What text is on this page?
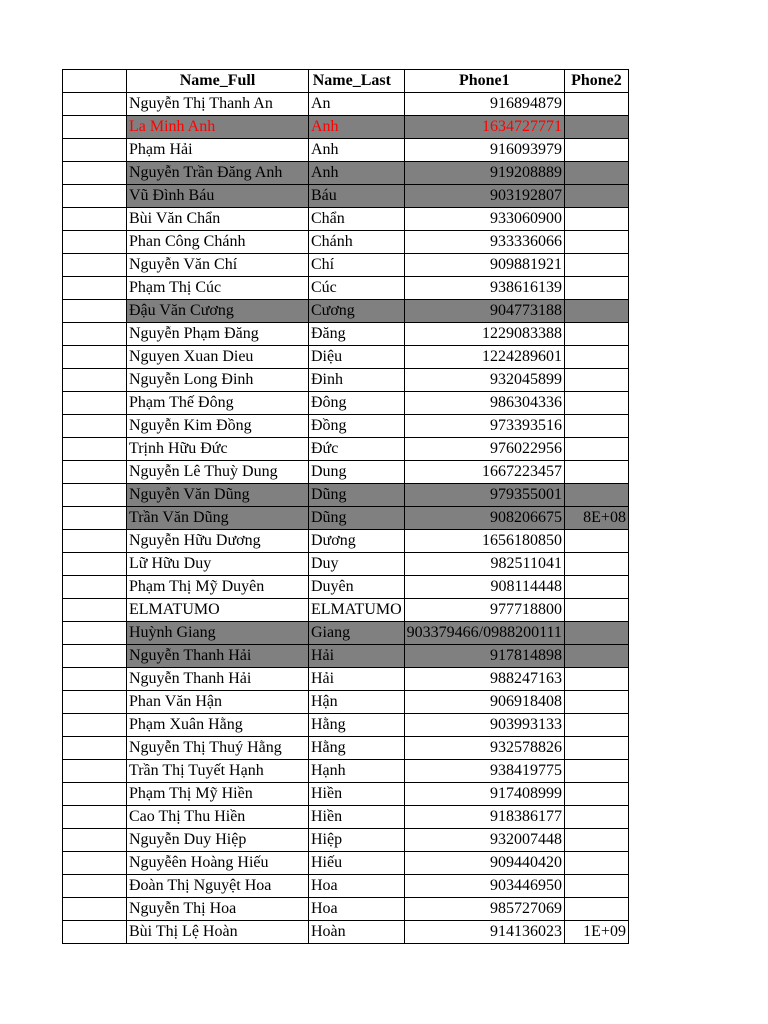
	Name_Full	Name_Last	Phone1	Phone2
	Nguyễn Thị Thanh An	An	916894879	
	La Minh Anh	Anh	1634727771	
	Phạm Hải	Anh	916093979	
	Nguyễn Trần Đăng Anh	Anh	919208889	
	Vũ Đình Báu	Báu	903192807	
	Bùi Văn Chẩn	Chẩn	933060900	
	Phan Công Chánh	Chánh	933336066	
	Nguyễn Văn Chí	Chí	909881921	
	Phạm Thị Cúc	Cúc	938616139	
	Đậu Văn Cương	Cương	904773188	
	Nguyễn Phạm Đăng	Đăng	1229083388	
	Nguyen Xuan Dieu	Diệu	1224289601	
	Nguyễn Long Đinh	Đinh	932045899	
	Phạm Thế Đông	Đông	986304336	
	Nguyễn Kim Đồng	Đồng	973393516	
	Trịnh Hữu Đức	Đức	976022956	
	Nguyễn Lê Thuỳ Dung	Dung	1667223457	
	Nguyễn Văn Dũng	Dũng	979355001	
	Trần Văn Dũng	Dũng	908206675	8E+08
	Nguyễn Hữu Dương	Dương	1656180850	
	Lữ Hữu Duy	Duy	982511041	
	Phạm Thị Mỹ Duyên	Duyên	908114448	
	ELMATUMO	ELMATUMO	977718800	
	Huỳnh Giang	Giang	903379466/0988200111	
	Nguyễn Thanh Hải	Hải	917814898	
	Nguyễn Thanh Hải	Hải	988247163	
	Phan Văn Hận	Hận	906918408	
	Phạm Xuân Hằng	Hằng	903993133	
	Nguyễn Thị Thuý Hằng	Hằng	932578826	
	Trần Thị Tuyết Hạnh	Hạnh	938419775	
	Phạm Thị Mỹ Hiền	Hiền	917408999	
	Cao Thị Thu Hiền	Hiền	918386177	
	Nguyễn Duy Hiệp	Hiệp	932007448	
	Nguyễên Hoàng Hiếu	Hiếu	909440420	
	Đoàn Thị Nguyệt Hoa	Hoa	903446950	
	Nguyễn Thị Hoa	Hoa	985727069	
	Bùi Thị Lệ Hoàn	Hoàn	914136023	1E+09
